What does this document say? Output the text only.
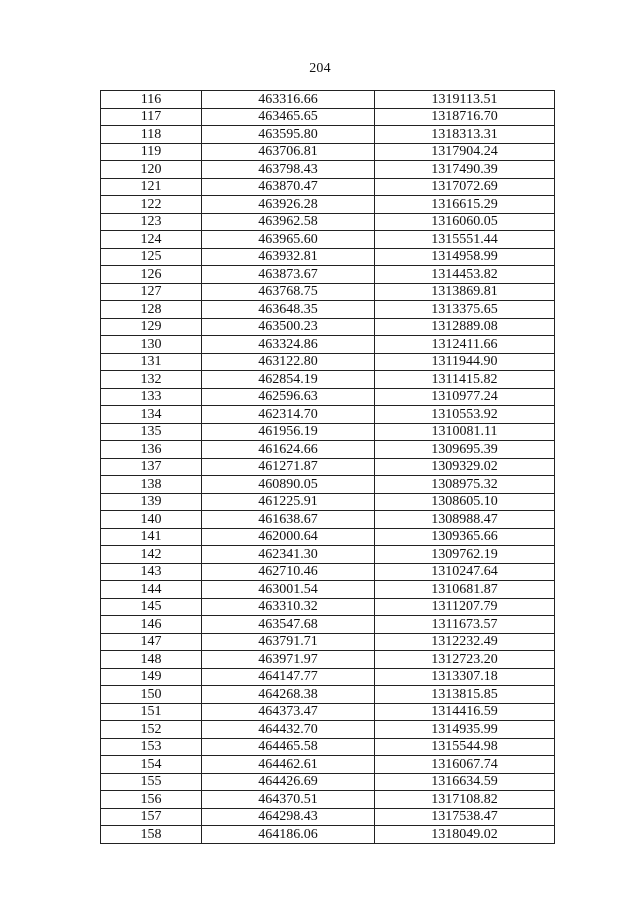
204
116	463316.66	1319113.51
117	463465.65	1318716.70
118	463595.80	1318313.31
119	463706.81	1317904.24
120	463798.43	1317490.39
121	463870.47	1317072.69
122	463926.28	1316615.29
123	463962.58	1316060.05
124	463965.60	1315551.44
125	463932.81	1314958.99
126	463873.67	1314453.82
127	463768.75	1313869.81
128	463648.35	1313375.65
129	463500.23	1312889.08
130	463324.86	1312411.66
131	463122.80	1311944.90
132	462854.19	1311415.82
133	462596.63	1310977.24
134	462314.70	1310553.92
135	461956.19	1310081.11
136	461624.66	1309695.39
137	461271.87	1309329.02
138	460890.05	1308975.32
139	461225.91	1308605.10
140	461638.67	1308988.47
141	462000.64	1309365.66
142	462341.30	1309762.19
143	462710.46	1310247.64
144	463001.54	1310681.87
145	463310.32	1311207.79
146	463547.68	1311673.57
147	463791.71	1312232.49
148	463971.97	1312723.20
149	464147.77	1313307.18
150	464268.38	1313815.85
151	464373.47	1314416.59
152	464432.70	1314935.99
153	464465.58	1315544.98
154	464462.61	1316067.74
155	464426.69	1316634.59
156	464370.51	1317108.82
157	464298.43	1317538.47
158	464186.06	1318049.02
